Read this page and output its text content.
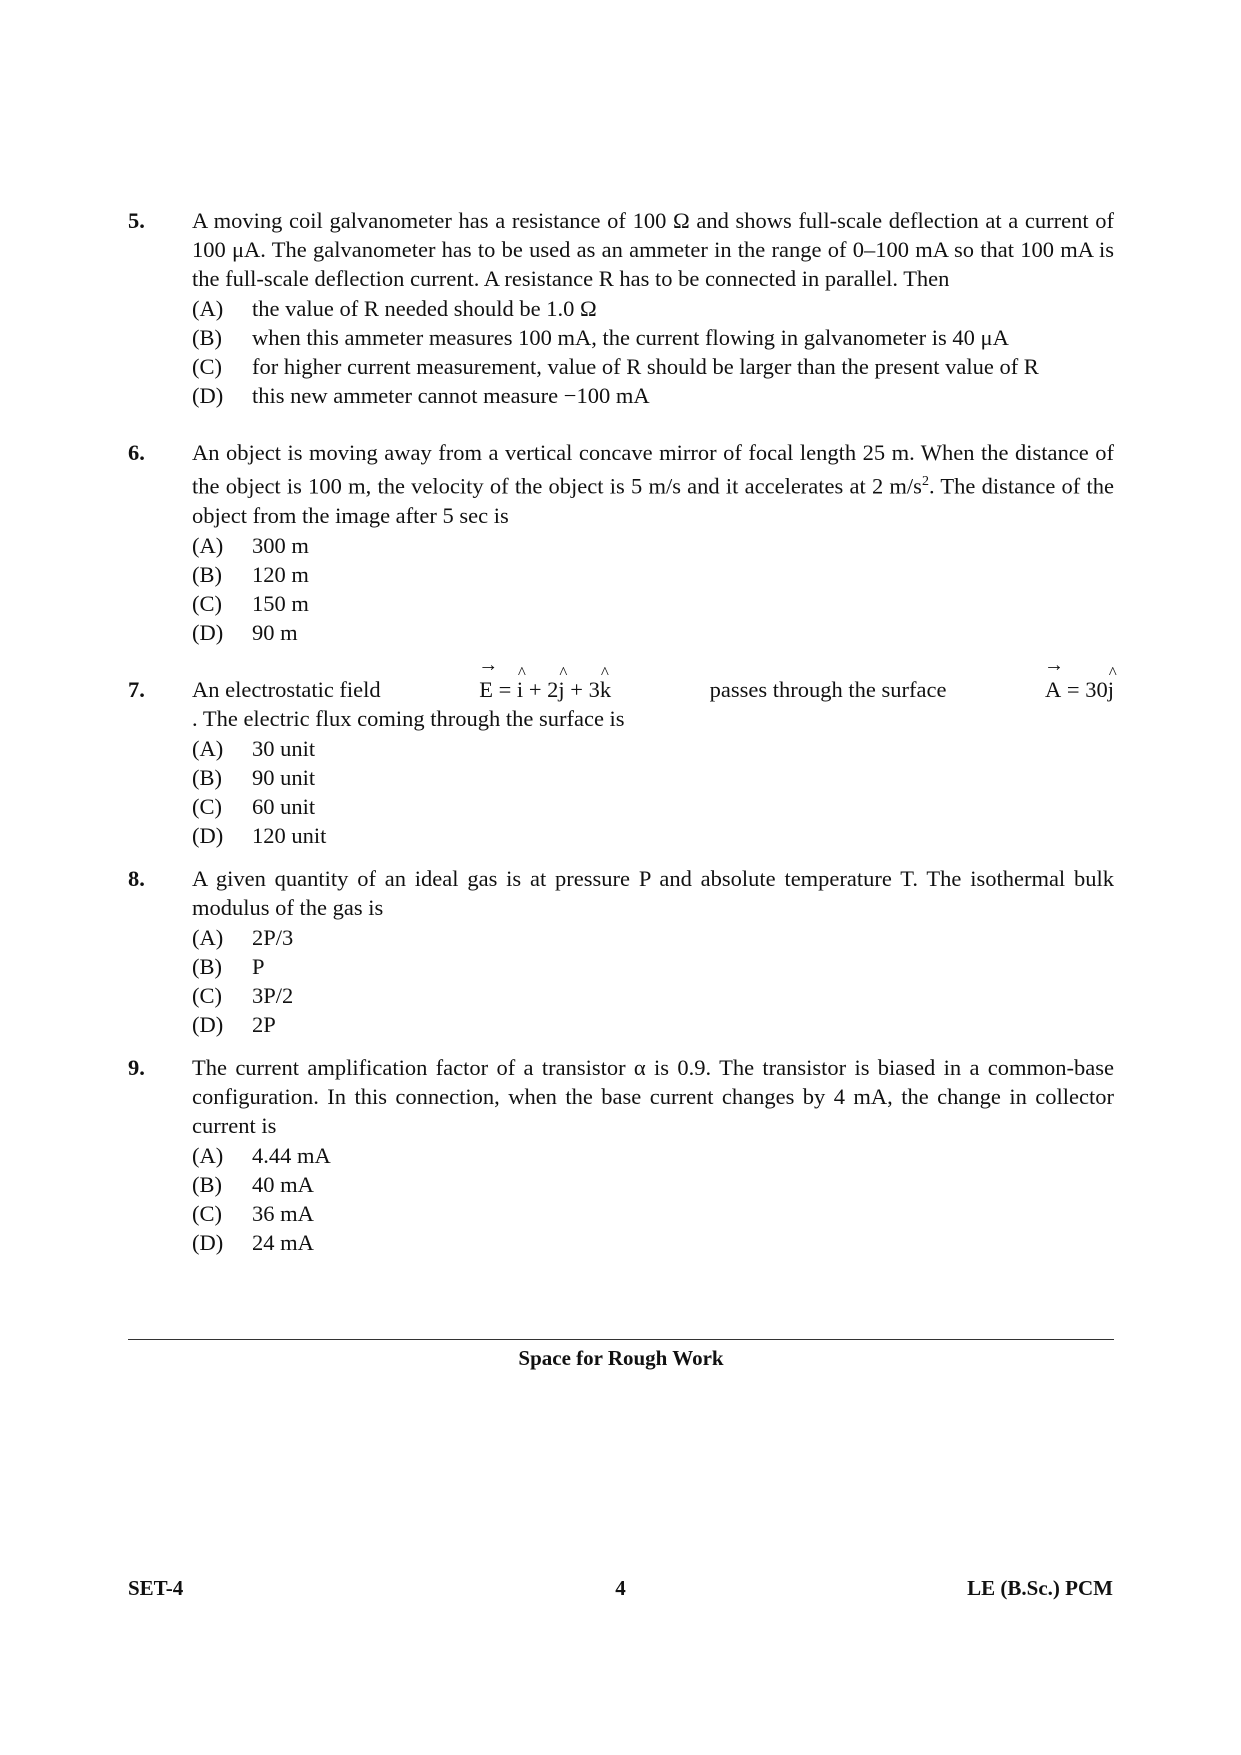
5. A moving coil galvanometer has a resistance of 100 Ω and shows full-scale deflection at a current of 100 μA. The galvanometer has to be used as an ammeter in the range of 0–100 mA so that 100 mA is the full-scale deflection current. A resistance R has to be connected in parallel. Then
(A) the value of R needed should be 1.0 Ω
(B) when this ammeter measures 100 mA, the current flowing in galvanometer is 40 μA
(C) for higher current measurement, value of R should be larger than the present value of R
(D) this new ammeter cannot measure −100 mA
6. An object is moving away from a vertical concave mirror of focal length 25 m. When the distance of the object is 100 m, the velocity of the object is 5 m/s and it accelerates at 2 $m/s^2$. The distance of the object from the image after 5 sec is
(A) 300 m
(B) 120 m
(C) 150 m
(D) 90 m
7. An electrostatic field	→ E = ^ i + 2^ j + 3^ k	passes through the surface	→ A = 30^ j
. The electric flux coming through the surface is
(A) 30 unit
(B) 90 unit
(C) 60 unit
(D) 120 unit
8. A given quantity of an ideal gas is at pressure P and absolute temperature T. The isothermal bulk modulus of the gas is
(A) 2P/3
(B) P
(C) 3P/2
(D) 2P
9. The current amplification factor of a transistor α is 0.9. The transistor is biased in a common-base configuration. In this connection, when the base current changes by 4 mA, the change in collector current is
(A) 4.44 mA
(B) 40 mA
(C) 36 mA
(D) 24 mA
Space for Rough Work
SET-4	4	LE (B.Sc.) PCM
